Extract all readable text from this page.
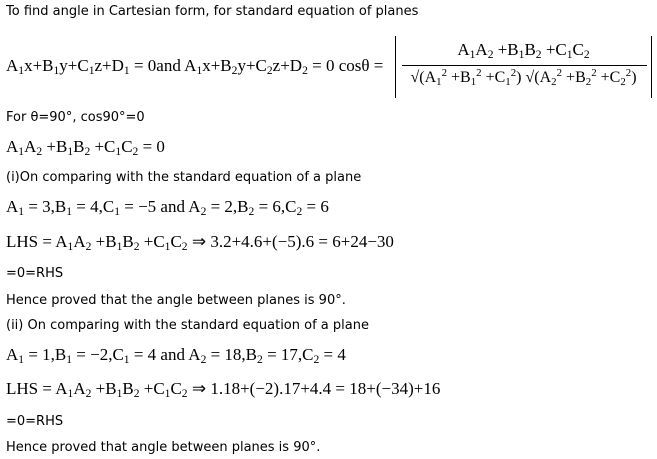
To find angle in Cartesian form, for standard equation of planes
$A_1x+B_1y+C_1z+D_1 = 0and$ $A_1x+B_2y+C_2z+D_2 = 0$ cosθ =
$A_1A_2 +B_1B_2 +C_1C_2$
$√(A_1^2 +B_1^2 +C_1^2)$ $√(A_2^2 +B_2^2 +C_2^2)$
For θ=90°, cos90°=0
$A_1A_2 +B_1B_2 +C_1C_2 = 0$
(i)On comparing with the standard equation of a plane
$A_1 = 3,B_1 = 4,C_1 = -5$ and $A_2 = 2,B_2 = 6,C_2 = 6$
LHS = $A_1A_2 +B_1B_2 +C_1C_2$ ⇒ 3.2+4.6+(−5).6 = 6+24−30
=0=RHS
Hence proved that the angle between planes is 90°.
(ii) On comparing with the standard equation of a plane
$A_1 = 1,B_1 = -2,C_1 = 4$ and $A_2 = 18,B_2 = 17,C_2 = 4$
LHS = $A_1A_2 +B_1B_2 +C_1C_2$ ⇒ 1.18+(−2).17+4.4 = 18+(−34)+16
=0=RHS
Hence proved that angle between planes is 90°.
